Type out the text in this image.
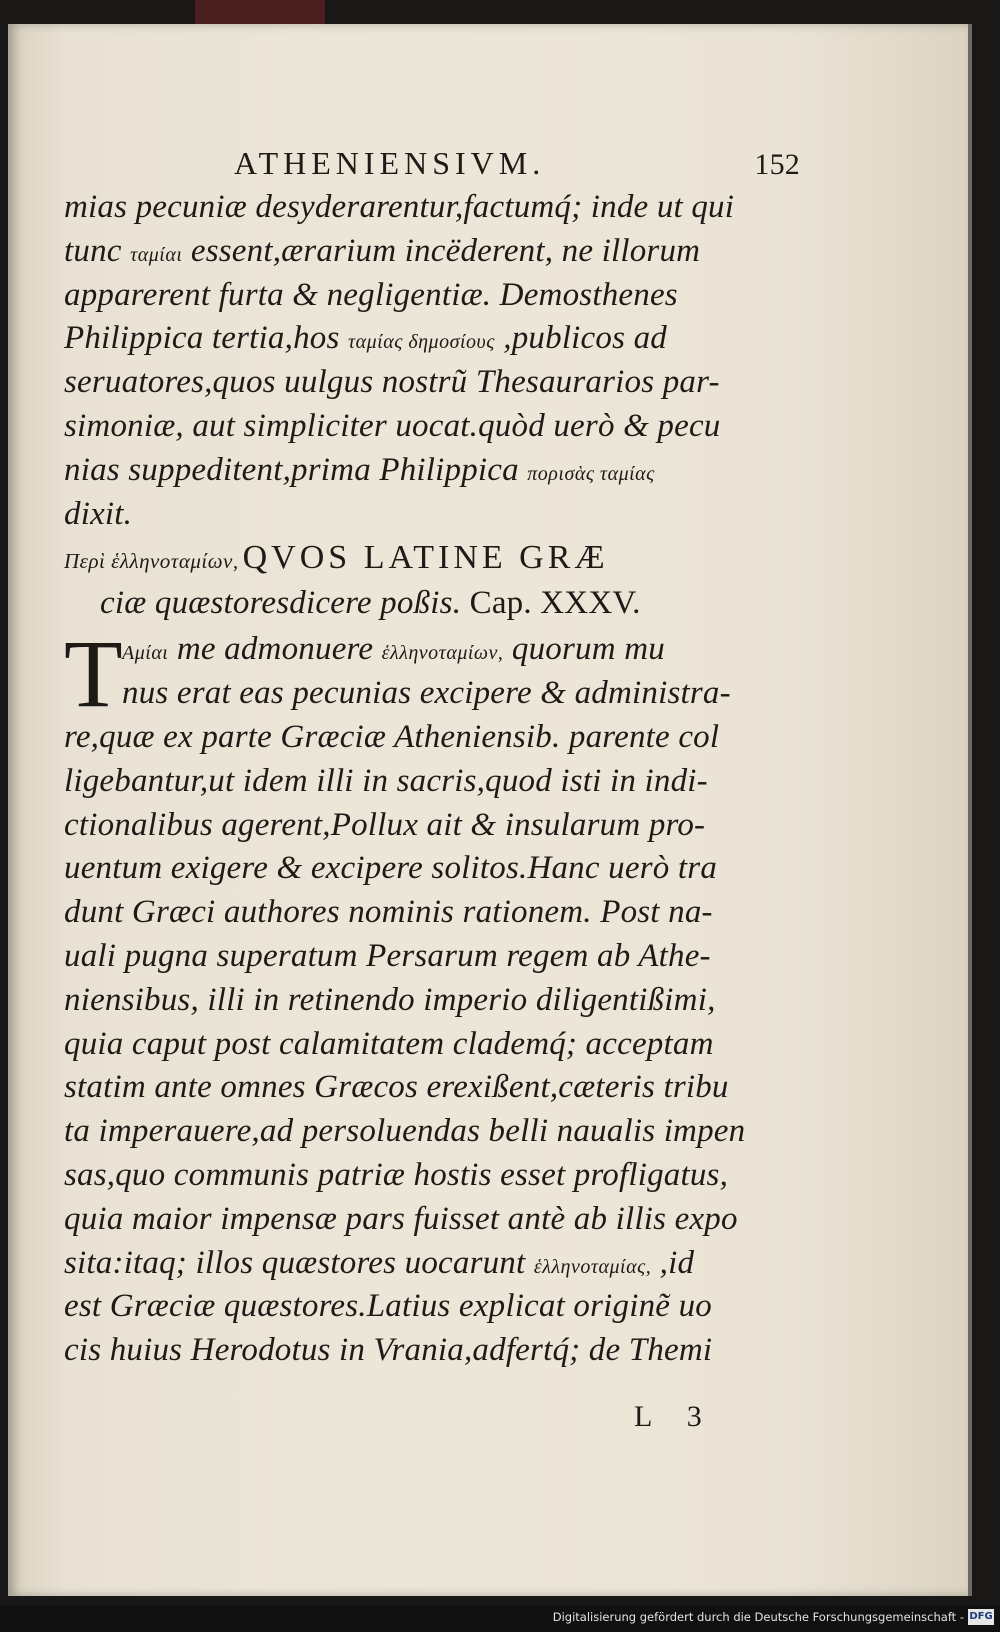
ATHENIENSIVM.	152
mias pecuniæ desyderarentur,factumq́; inde ut qui
tunc ταμίαι essent,ærarium incëderent, ne illorum
apparerent furta & negligentiæ. Demosthenes
Philippica tertia,hos ταμίας δημοσίους ,publicos ad
seruatores,quos uulgus nostrũ Thesaurarios par-
simoniæ, aut simpliciter uocat.quòd uerò & pecu
nias suppeditent,prima Philippica πορισὰς ταμίας
dixit.
Περὶ ἑλληνοταμίων, QVOS LATINE GRÆ
ciæ quæstoresdicere poßis. Cap. XXXV.
T Αμίαι me admonuere ἑλληνοταμίων, quorum mu
nus erat eas pecunias excipere & administra-
re,quæ ex parte Græciæ Atheniensib. parente col
ligebantur,ut idem illi in sacris,quod isti in indi-
ctionalibus agerent,Pollux ait & insularum pro-
uentum exigere & excipere solitos.Hanc uerò tra
dunt Græci authores nominis rationem. Post na-
uali pugna superatum Persarum regem ab Athe-
niensibus, illi in retinendo imperio diligentißimi,
quia caput post calamitatem clademq́; acceptam
statim ante omnes Græcos erexißent,cæteris tribu
ta imperauere,ad persoluendas belli naualis impen
sas,quo communis patriæ hostis esset profligatus,
quia maior impensæ pars fuisset antè ab illis expo
sita:itaq; illos quæstores uocarunt ἑλληνοταμίας, ,id
est Græciæ quæstores.Latius explicat originẽ uo
cis huius Herodotus in Vrania,adfertq́; de Themi
L 3
Digitalisierung gefördert durch die Deutsche Forschungsgemeinschaft - DFG
